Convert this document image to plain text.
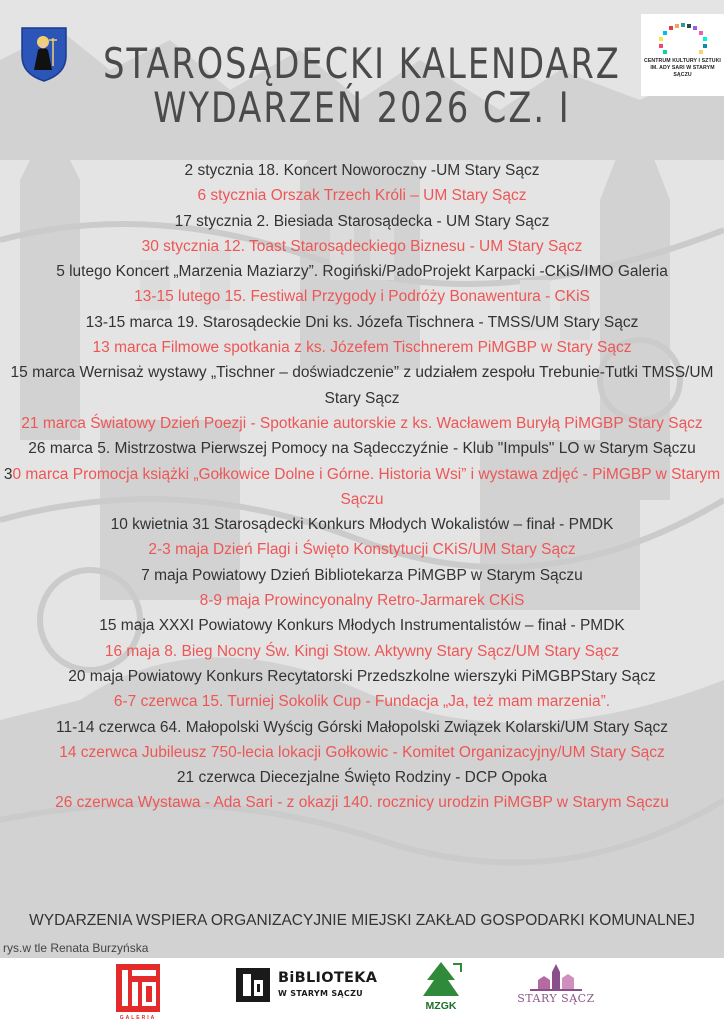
CENTRUM KULTURY I SZTUKI
IM. ADY SARI W STARYM SĄCZU
STAROSĄDECKI KALENDARZ
WYDARZEŃ 2026 CZ. I
2 stycznia 18. Koncert Noworoczny -UM Stary Sącz
6 stycznia Orszak Trzech Króli – UM Stary Sącz
17 stycznia 2. Biesiada Starosądecka - UM Stary Sącz
30 stycznia 12. Toast Starosądeckiego Biznesu - UM Stary Sącz
5 lutego Koncert „Marzenia Maziarzy”. Rogiński/PadoProjekt Karpacki -CKiS/IMO Galeria
13-15 lutego 15. Festiwal Przygody i Podróży Bonawentura - CKiS
13-15 marca 19. Starosądeckie Dni ks. Józefa Tischnera - TMSS/UM Stary Sącz
13 marca Filmowe spotkania z ks. Józefem Tischnerem PiMGBP w Stary Sącz
15 marca Wernisaż wystawy „Tischner – doświadczenie” z udziałem zespołu Trebunie-Tutki TMSS/UM Stary Sącz
21 marca Światowy Dzień Poezji - Spotkanie autorskie z ks. Wacławem Buryłą PiMGBP Stary Sącz
26 marca 5. Mistrzostwa Pierwszej Pomocy na Sądecczyźnie - Klub "Impuls" LO w Starym Sączu
30 marca Promocja książki „Gołkowice Dolne i Górne. Historia Wsi” i wystawa zdjęć - PiMGBP w Starym Sączu
10 kwietnia 31 Starosądecki Konkurs Młodych Wokalistów – finał - PMDK
2-3 maja Dzień Flagi i Święto Konstytucji CKiS/UM Stary Sącz
7 maja Powiatowy Dzień Bibliotekarza PiMGBP w Starym Sączu
8-9 maja Prowincyonalny Retro-Jarmarek CKiS
15 maja XXXI Powiatowy Konkurs Młodych Instrumentalistów – finał - PMDK
16 maja 8. Bieg Nocny Św. Kingi Stow. Aktywny Stary Sącz/UM Stary Sącz
20 maja Powiatowy Konkurs Recytatorski Przedszkolne wierszyki PiMGBPStary Sącz
6-7 czerwca 15. Turniej Sokolik Cup - Fundacja „Ja, też mam marzenia”.
11-14 czerwca 64. Małopolski Wyścig Górski Małopolski Związek Kolarski/UM Stary Sącz
14 czerwca Jubileusz 750-lecia lokacji Gołkowic - Komitet Organizacyjny/UM Stary Sącz
21 czerwca Diecezjalne Święto Rodziny - DCP Opoka
26 czerwca Wystawa - Ada Sari - z okazji 140. rocznicy urodzin PiMGBP w Starym Sączu
WYDARZENIA WSPIERA ORGANIZACYJNIE MIEJSKI ZAKŁAD GOSPODARKI KOMUNALNEJ
rys.w tle Renata Burzyńska
GALERIA
BiBLIOTEKA
W STARYM SĄCZU
MZGK
STARY SĄCZ
